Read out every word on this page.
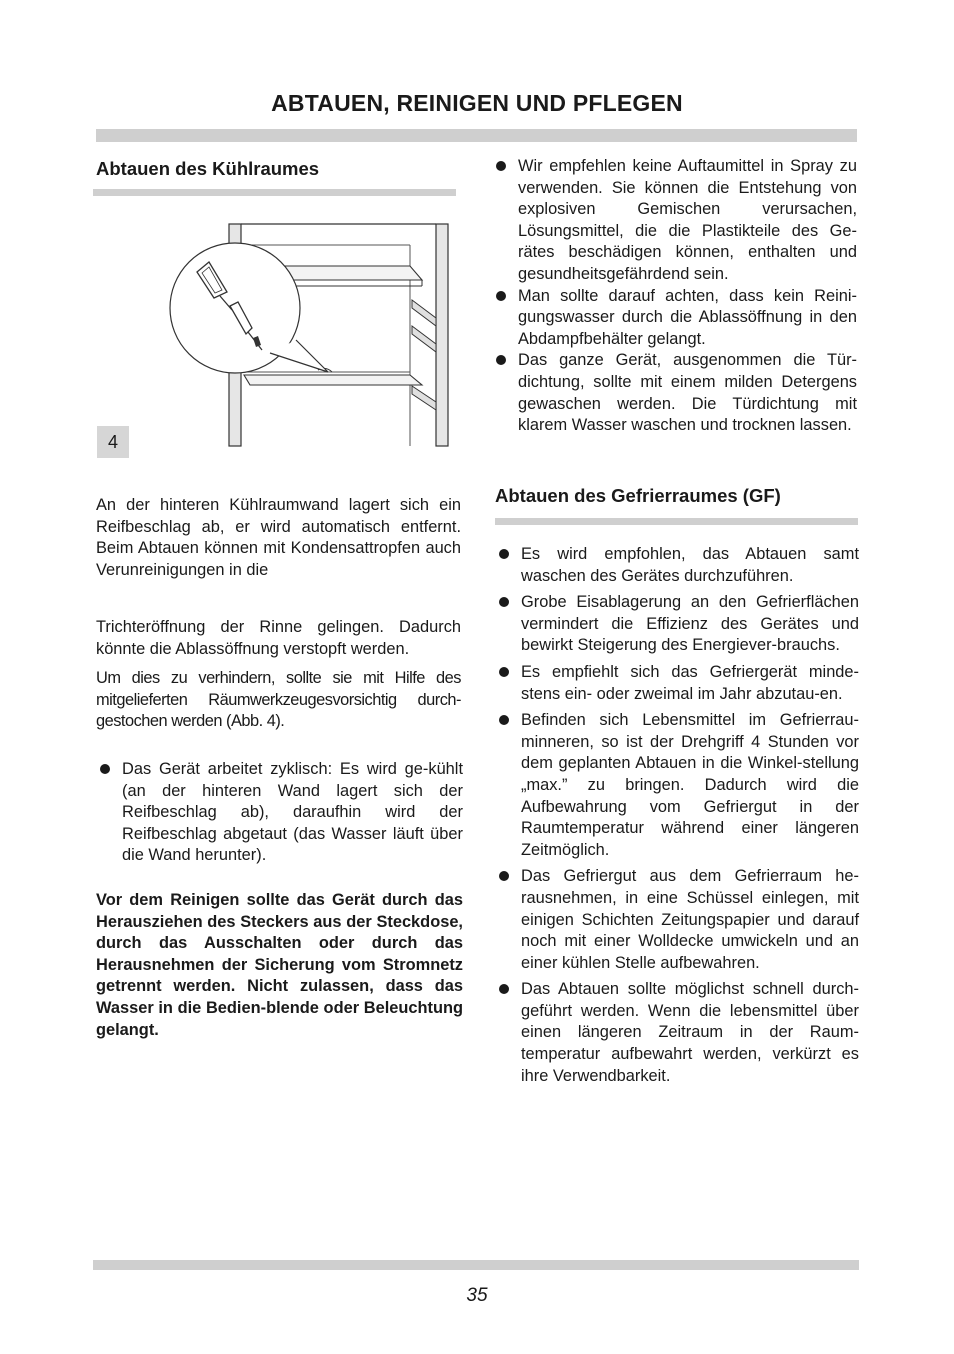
ABTAUEN, REINIGEN UND PFLEGEN
Abtauen des Kühlraumes
4

An der hinteren Kühlraumwand lagert sich ein Reifbeschlag ab, er wird automatisch entfernt. Beim Abtauen können mit Kondensattropfen auch Verunreinigungen in die

Trichteröffnung der Rinne gelingen. Dadurch könnte die Ablassöffnung verstopft werden.

Um dies zu verhindern, sollte sie mit Hilfe des mitgelieferten Räumwerkzeugesvorsichtig durch-gestochen werden (Abb. 4).

Das Gerät arbeitet zyklisch: Es wird ge-kühlt (an der hinteren Wand lagert sich der Reifbeschlag ab), daraufhin wird der Reifbeschlag abgetaut (das Wasser läuft über die Wand herunter).

Vor dem Reinigen sollte das Gerät durch das Herausziehen des Steckers aus der Steckdose, durch das Ausschalten oder durch das Herausnehmen der Sicherung vom Stromnetz getrennt werden. Nicht zulassen, dass das Wasser in die Bedien-blende oder Beleuchtung gelangt.

Wir empfehlen keine Auftaumittel in Spray zu verwenden. Sie können die Entstehung von explosiven Gemischen verursachen, Lösungsmittel, die die Plastikteile des Ge-rätes beschädigen können, enthalten und gesundheitsgefährdend sein.
Man sollte darauf achten, dass kein Reini-gungswasser durch die Ablassöffnung in den Abdampfbehälter gelangt.
Das ganze Gerät, ausgenommen die Tür-dichtung, sollte mit einem milden Detergens gewaschen werden. Die Türdichtung mit klarem Wasser waschen und trocknen lassen.
Abtauen des Gefrierraumes (GF)
Es wird empfohlen, das Abtauen samt waschen des Gerätes durchzuführen.
Grobe Eisablagerung an den Gefrierflächen vermindert die Effizienz des Gerätes und bewirkt Steigerung des Energiever-brauchs.
Es empfiehlt sich das Gefriergerät minde-stens ein- oder zweimal im Jahr abzutau-en.
Befinden sich Lebensmittel im Gefrierrau-minneren, so ist der Drehgriff 4 Stunden vor dem geplanten Abtauen in die Winkel-stellung „max.” zu bringen. Dadurch wird die Aufbewahrung vom Gefriergut in der Raumtemperatur während einer längeren Zeitmöglich.
Das Gefriergut aus dem Gefrierraum he-rausnehmen, in eine Schüssel einlegen, mit einigen Schichten Zeitungspapier und darauf noch mit einer Wolldecke umwickeln und an einer kühlen Stelle aufbewahren.
Das Abtauen sollte möglichst schnell durch-geführt werden. Wenn die lebensmittel über einen längeren Zeitraum in der Raum-temperatur aufbewahrt werden, verkürzt es ihre Verwendbarkeit.
35
